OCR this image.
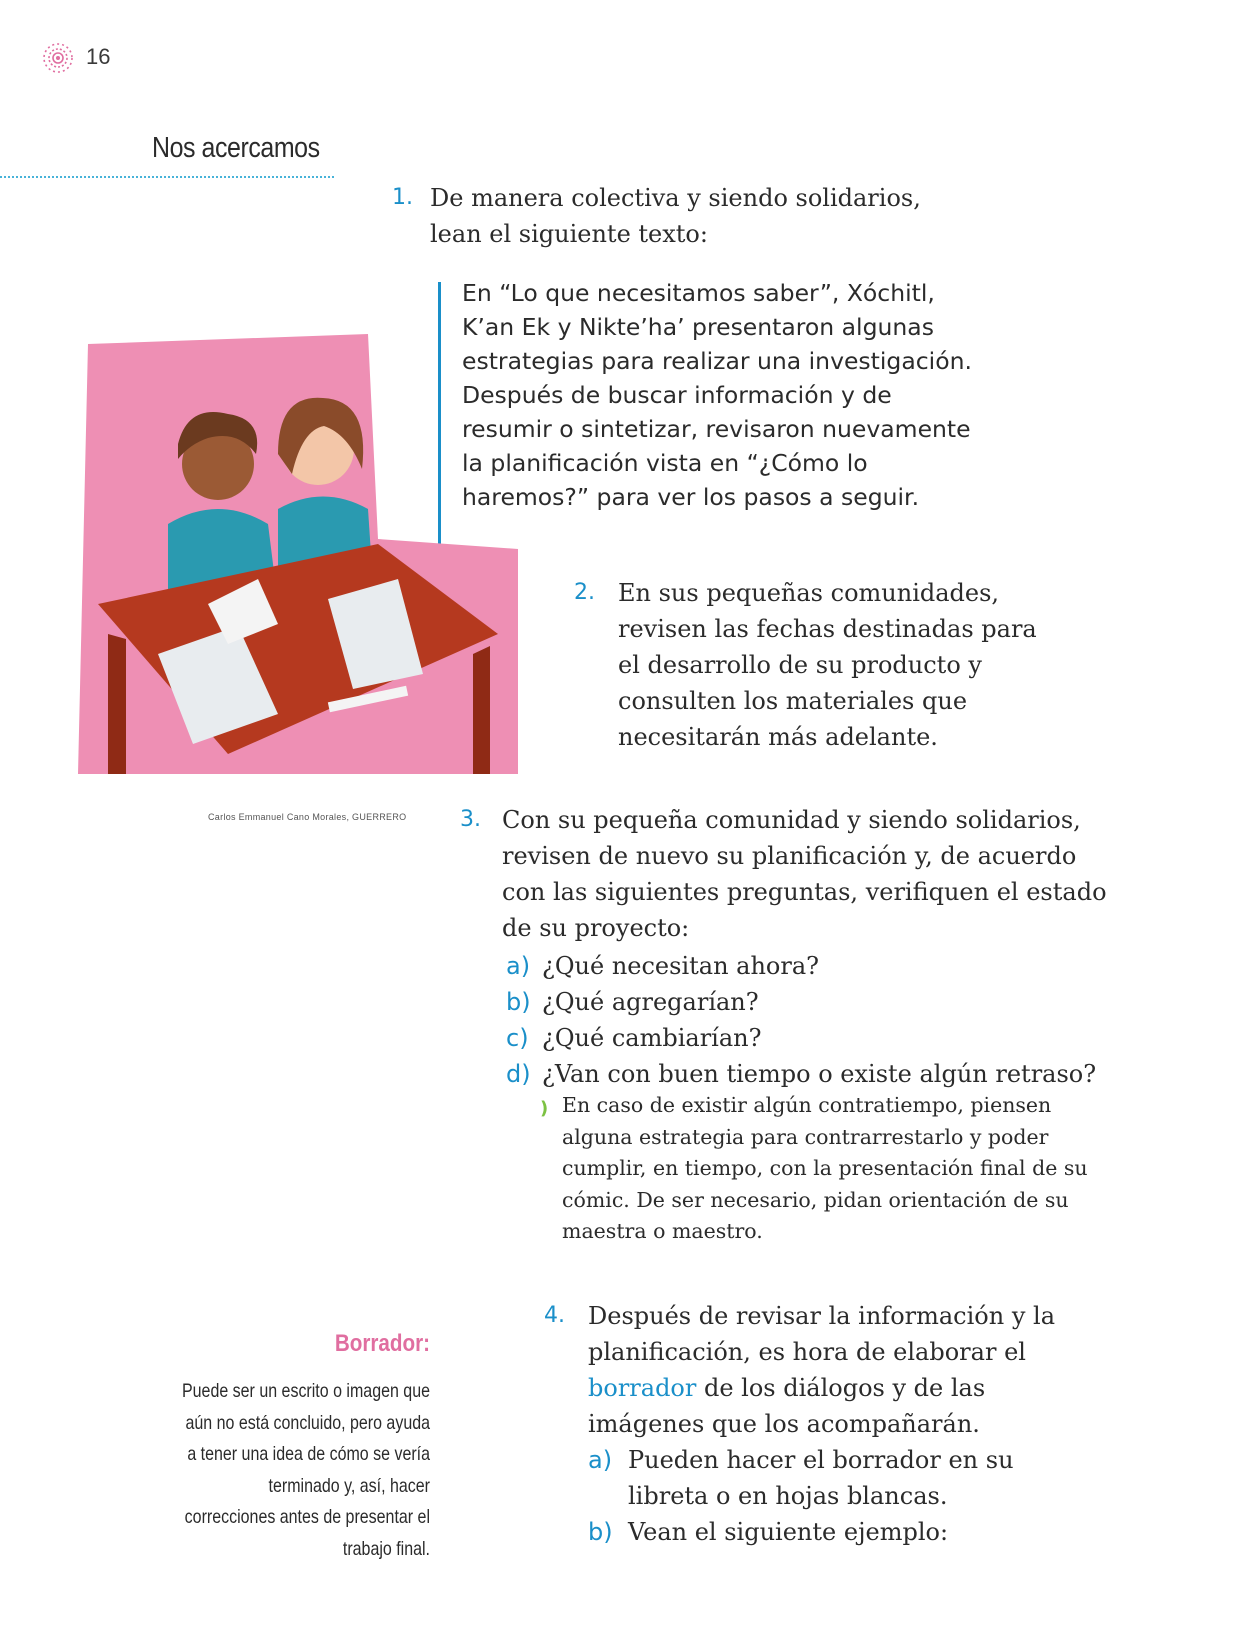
16
Nos acercamos
1. De manera colectiva y siendo solidarios, lean el siguiente texto:
En “Lo que necesitamos saber”, Xóchitl, K’an Ek y Nikte’ha’ presentaron algunas estrategias para realizar una investigación. Después de buscar información y de resumir o sintetizar, revisaron nuevamente la planificación vista en “¿Cómo lo haremos?” para ver los pasos a seguir.
Carlos Emmanuel Cano Morales, GUERRERO
2. En sus pequeñas comunidades, revisen las fechas destinadas para el desarrollo de su producto y consulten los materiales que necesitarán más adelante.
3. Con su pequeña comunidad y siendo solidarios, revisen de nuevo su planificación y, de acuerdo con las siguientes preguntas, verifiquen el estado de su proyecto:
a) ¿Qué necesitan ahora?
b) ¿Qué agregarían?
c) ¿Qué cambiarían?
d) ¿Van con buen tiempo o existe algún retraso?
) En caso de existir algún contratiempo, piensen alguna estrategia para contrarrestarlo y poder cumplir, en tiempo, con la presentación final de su cómic. De ser necesario, pidan orientación de su maestra o maestro.
4. Después de revisar la información y la planificación, es hora de elaborar el borrador de los diálogos y de las imágenes que los acompañarán.
a) Pueden hacer el borrador en su libreta o en hojas blancas.
b) Vean el siguiente ejemplo:
Borrador:
Puede ser un escrito o imagen que aún no está concluido, pero ayuda a tener una idea de cómo se vería terminado y, así, hacer correcciones antes de presentar el trabajo final.
